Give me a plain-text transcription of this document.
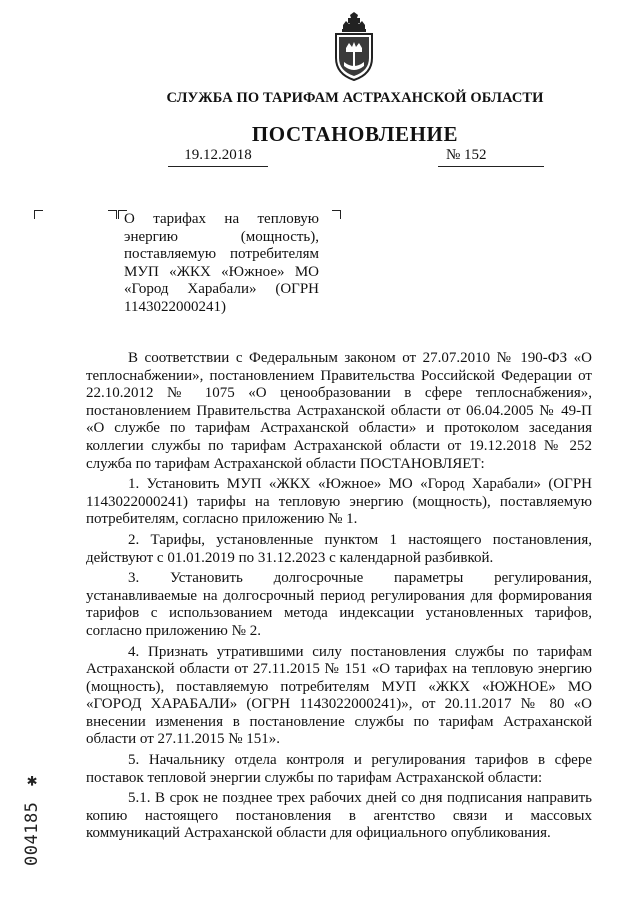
СЛУЖБА ПО ТАРИФАМ АСТРАХАНСКОЙ ОБЛАСТИ
ПОСТАНОВЛЕНИЕ
19.12.2018	№ 152
О тарифах на тепловую
энергию (мощность),
поставляемую потребителям
МУП «ЖКХ «Южное» МО
«Город Харабали» (ОГРН
1143022000241)

В соответствии с Федеральным законом от 27.07.2010 № 190-ФЗ «О теплоснабжении», постановлением Правительства Российской Федерации от 22.10.2012 № 1075 «О ценообразовании в сфере теплоснабжения», постановлением Правительства Астраханской области от 06.04.2005 № 49-П «О службе по тарифам Астраханской области» и протоколом заседания коллегии службы по тарифам Астраханской области от 19.12.2018 № 252 служба по тарифам Астраханской области ПОСТАНОВЛЯЕТ:

1. Установить МУП «ЖКХ «Южное» МО «Город Харабали» (ОГРН 1143022000241) тарифы на тепловую энергию (мощность), поставляемую потребителям, согласно приложению № 1.

2. Тарифы, установленные пунктом 1 настоящего постановления, действуют с 01.01.2019 по 31.12.2023 с календарной разбивкой.

3. Установить долгосрочные параметры регулирования, устанавливаемые на долгосрочный период регулирования для формирования тарифов с использованием метода индексации установленных тарифов, согласно приложению № 2.

4. Признать утратившими силу постановления службы по тарифам Астраханской области от 27.11.2015 № 151 «О тарифах на тепловую энергию (мощность), поставляемую потребителям МУП «ЖКХ «ЮЖНОЕ» МО «ГОРОД ХАРАБАЛИ» (ОГРН 1143022000241)», от 20.11.2017 № 80 «О внесении изменения в постановление службы по тарифам Астраханской области от 27.11.2015 № 151».

5. Начальнику отдела контроля и регулирования тарифов в сфере поставок тепловой энергии службы по тарифам Астраханской области:

5.1. В срок не позднее трех рабочих дней со дня подписания направить копию настоящего постановления в агентство связи и массовых коммуникаций Астраханской области для официального опубликования.

004185 ✱
